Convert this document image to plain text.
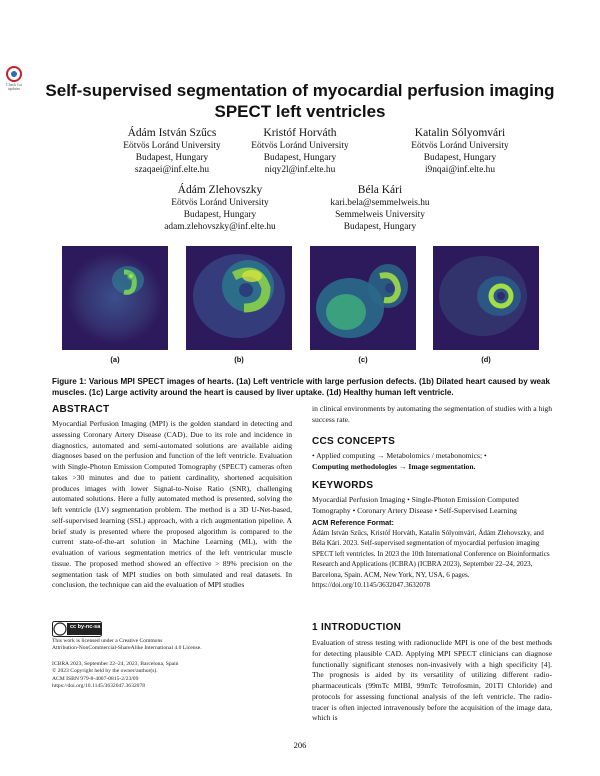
Check for updates	Self-supervised segmentation of myocardial perfusion imaging
SPECT left ventricles
Ádám István Szűcs
Eötvös Loránd University
Budapest, Hungary
szaqaei@inf.elte.hu
Kristóf Horváth
Eötvös Loránd University
Budapest, Hungary
niqy2l@inf.elte.hu
Katalin Sólyomvári
Eötvös Loránd University
Budapest, Hungary
i9nqai@inf.elte.hu
Ádám Zlehovszky
Eötvös Loránd University
Budapest, Hungary
adam.zlehovszky@inf.elte.hu
Béla Kári
kari.bela@semmelweis.hu
Semmelweis University
Budapest, Hungary
(a)	(b)	(c)	(d)
Figure 1: Various MPI SPECT images of hearts. (1a) Left ventricle with large perfusion defects. (1b) Dilated heart caused by weak muscles. (1c) Large activity around the heart is caused by liver uptake. (1d) Healthy human left ventricle.
ABSTRACT
Myocardial Perfusion Imaging (MPI) is the golden standard in detecting and assessing Coronary Artery Disease (CAD). Due to its role and incidence in diagnostics, automated and semi-automated solutions are available aiding diagnoses based on the perfusion and function of the left ventricle. Evaluation with Single-Photon Emission Computed Tomography (SPECT) cameras often takes >30 minutes and due to patient cardinality, shortened acquisition produces images with lower Signal-to-Noise Ratio (SNR), challenging automated solutions. Here a fully automated method is presented, solving the left ventricle (LV) segmentation problem. The method is a 3D U-Net-based, self-supervised learning (SSL) approach, with a rich augmentation pipeline. A brief study is presented where the proposed algorithm is compared to the current state-of-the-art solution in Machine Learning (ML), with the evaluation of various segmentation metrics of the left ventricular muscle tissue. The proposed method showed an effective > 89% precision on the segmentation task of MPI studies on both simulated and real datasets. In conclusion, the technique can aid the evaluation of MPI studies
cc by-nc-sa
This work is licensed under a Creative Commons
Attribution-NonCommercial-ShareAlike International 4.0 License.
ICBRA 2023, September 22–24, 2023, Barcelona, Spain
© 2023 Copyright held by the owner/author(s).
ACM ISBN 979-8-4007-0815-2/23/09
https://doi.org/10.1145/3632047.3632078
in clinical environments by automating the segmentation of studies with a high success rate.
CCS CONCEPTS
• Applied computing → Metabolomics / metabonomics; •
Computing methodologies → Image segmentation.
KEYWORDS
Myocardial Perfusion Imaging • Single-Photon Emission Computed Tomography • Coronary Artery Disease • Self-Supervised Learning
ACM Reference Format:
Ádám István Szűcs, Kristóf Horváth, Katalin Sólyomvári, Ádám Zlehovszky, and Béla Kári. 2023. Self-supervised segmentation of myocardial perfusion imaging SPECT left ventricles. In 2023 the 10th International Conference on Bioinformatics Research and Applications (ICBRA) (ICBRA 2023), September 22–24, 2023, Barcelona, Spain. ACM, New York, NY, USA, 6 pages. https://doi.org/10.1145/3632047.3632078
1 INTRODUCTION
Evaluation of stress testing with radionuclide MPI is one of the best methods for detecting plausible CAD. Applying MPI SPECT clinicians can diagnose functionally significant stenoses non-invasively with a high specificity [4]. The prognosis is aided by its versatility of utilizing different radio-pharmaceuticals (99mTc MIBI, 99mTc Tetrofosmin, 201Tl Chloride) and protocols for assessing functional analysis of the left ventricle. The radio-tracer is often injected intravenously before the acquisition of the image data, which is
206
